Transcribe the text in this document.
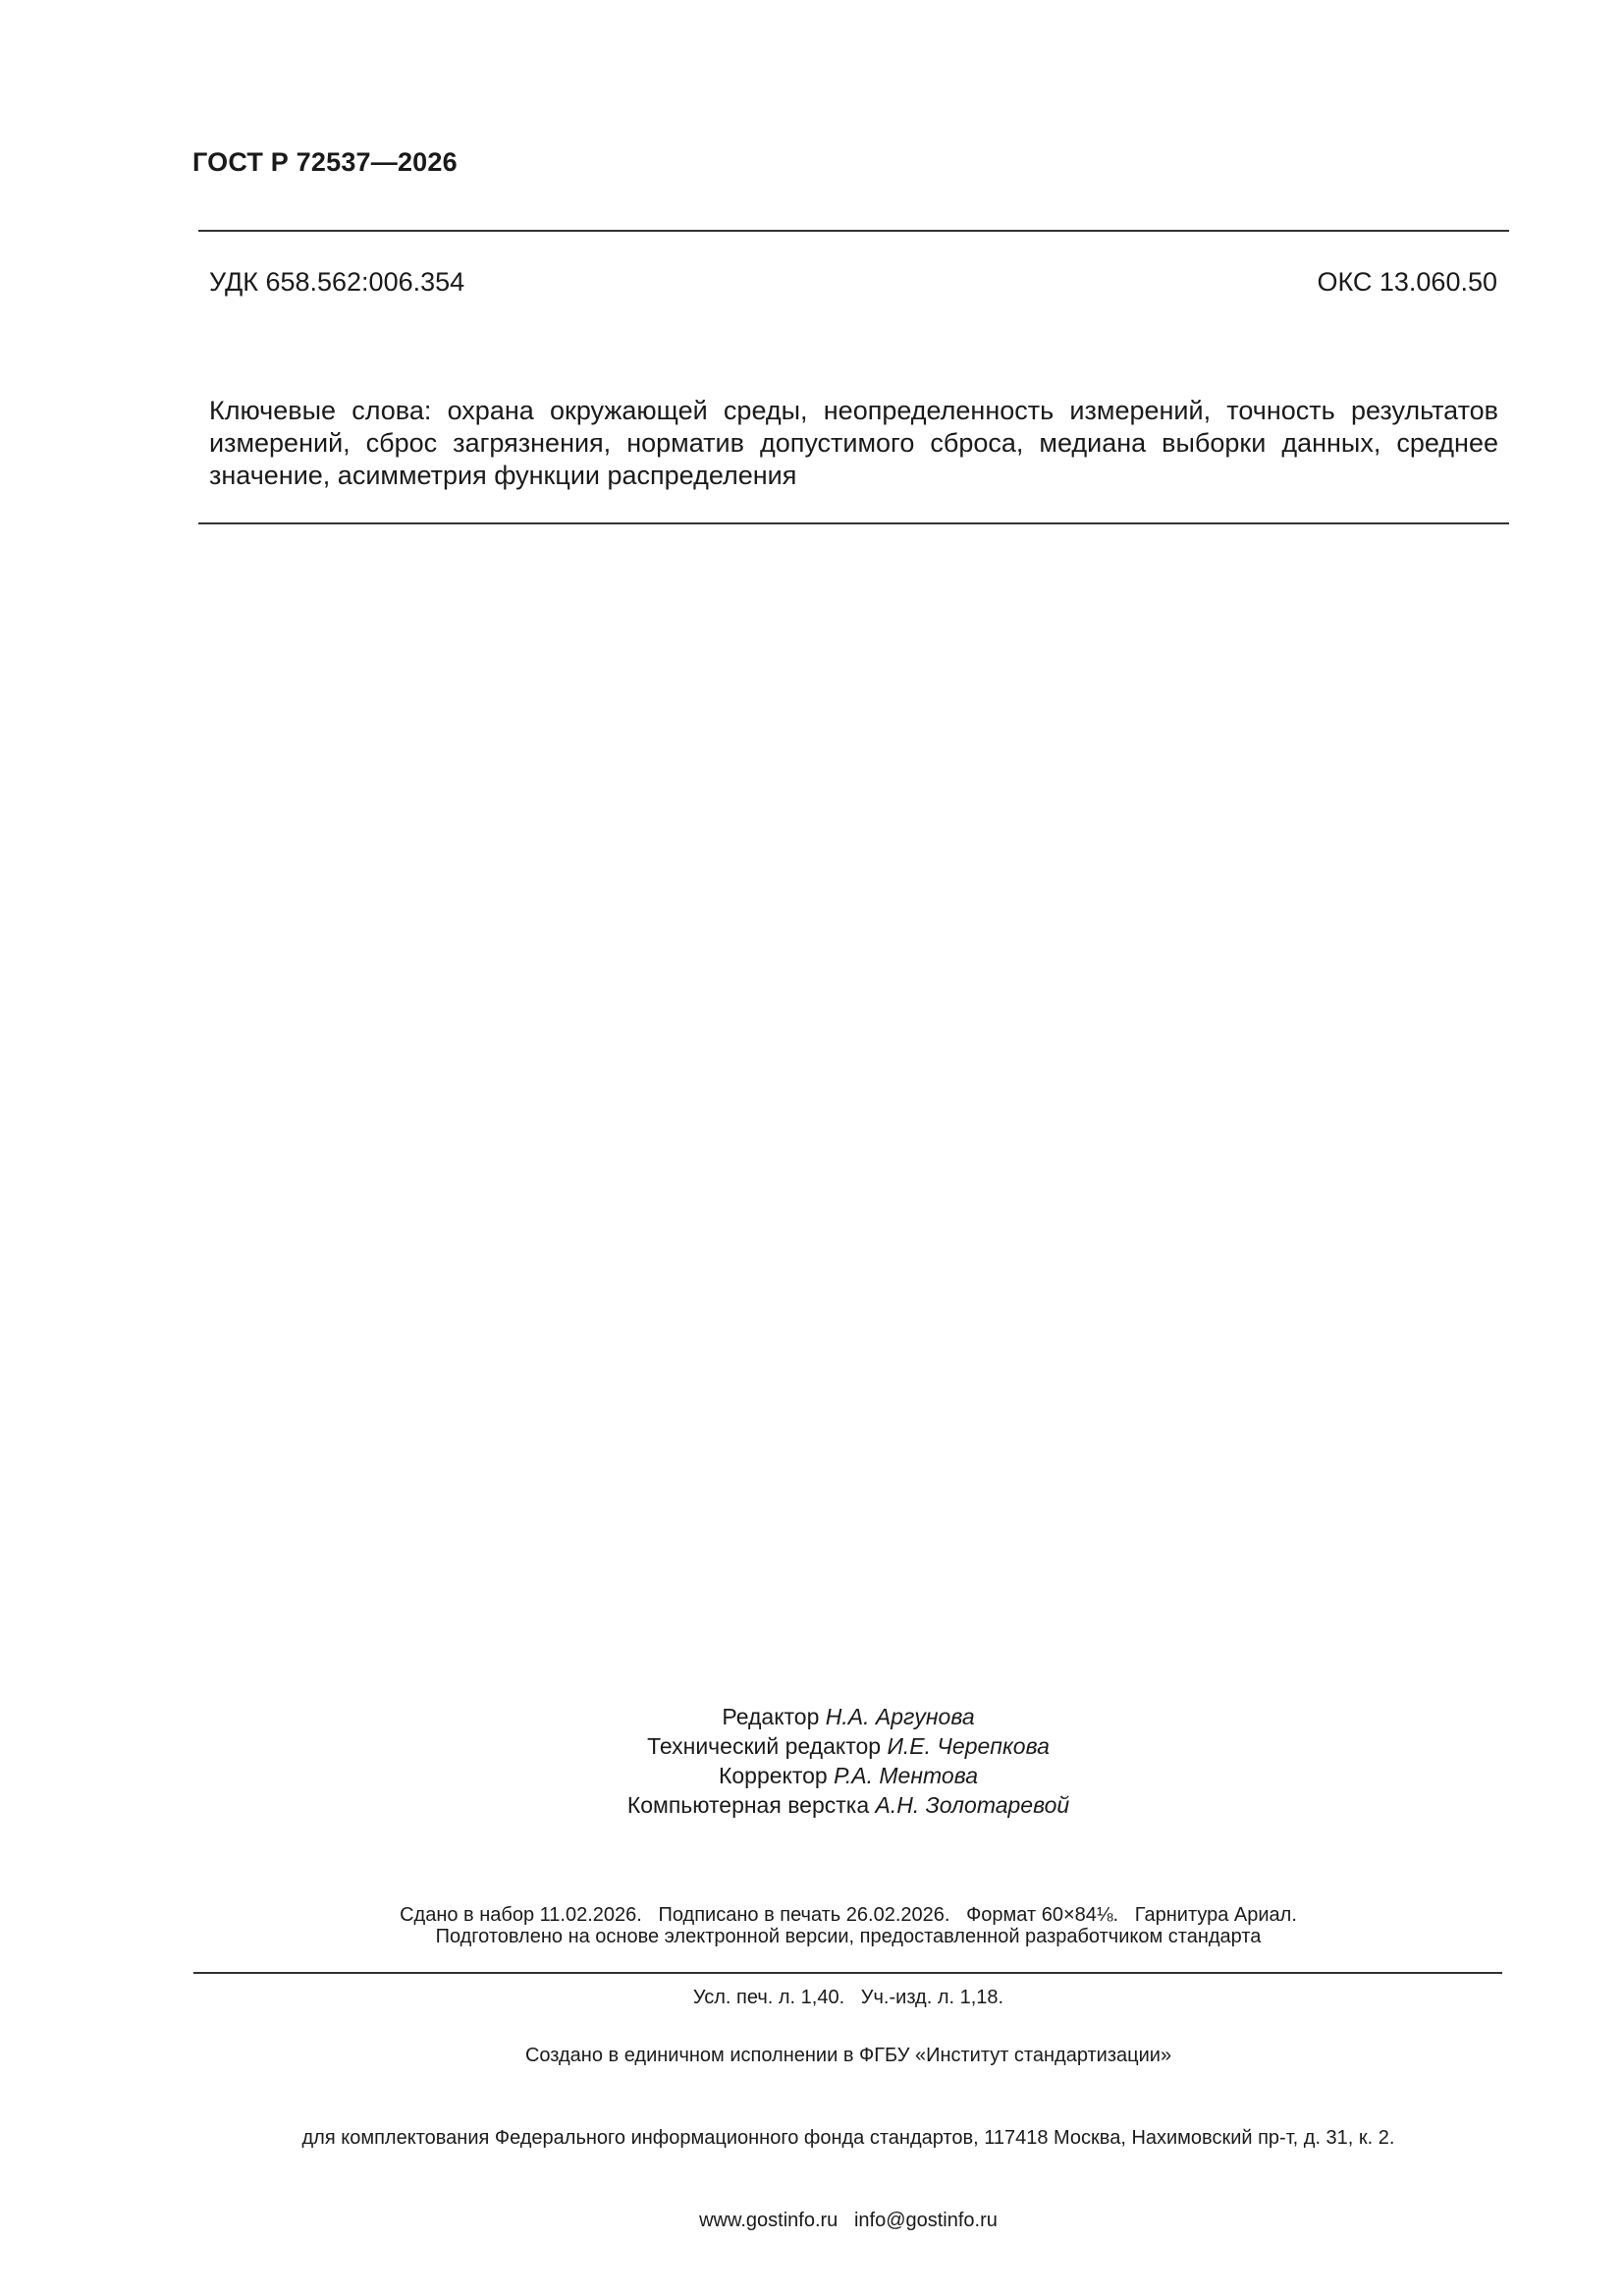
ГОСТ Р 72537—2026
УДК 658.562:006.354	ОКС 13.060.50
Ключевые слова: охрана окружающей среды, неопределенность измерений, точность результатов измерений, сброс загрязнения, норматив допустимого сброса, медиана выборки данных, среднее значение, асимметрия функции распределения
Редактор Н.А. Аргунова
Технический редактор И.Е. Черепкова
Корректор Р.А. Ментова
Компьютерная верстка А.Н. Золотаревой

Сдано в набор 11.02.2026.   Подписано в печать 26.02.2026.   Формат 60×84⅛.   Гарнитура Ариал.

Усл. печ. л. 1,40.   Уч.-изд. л. 1,18.

Подготовлено на основе электронной версии, предоставленной разработчиком стандарта

Создано в единичном исполнении в ФГБУ «Институт стандартизации»

для комплектования Федерального информационного фонда стандартов, 117418 Москва, Нахимовский пр-т, д. 31, к. 2.

www.gostinfo.ru   info@gostinfo.ru
